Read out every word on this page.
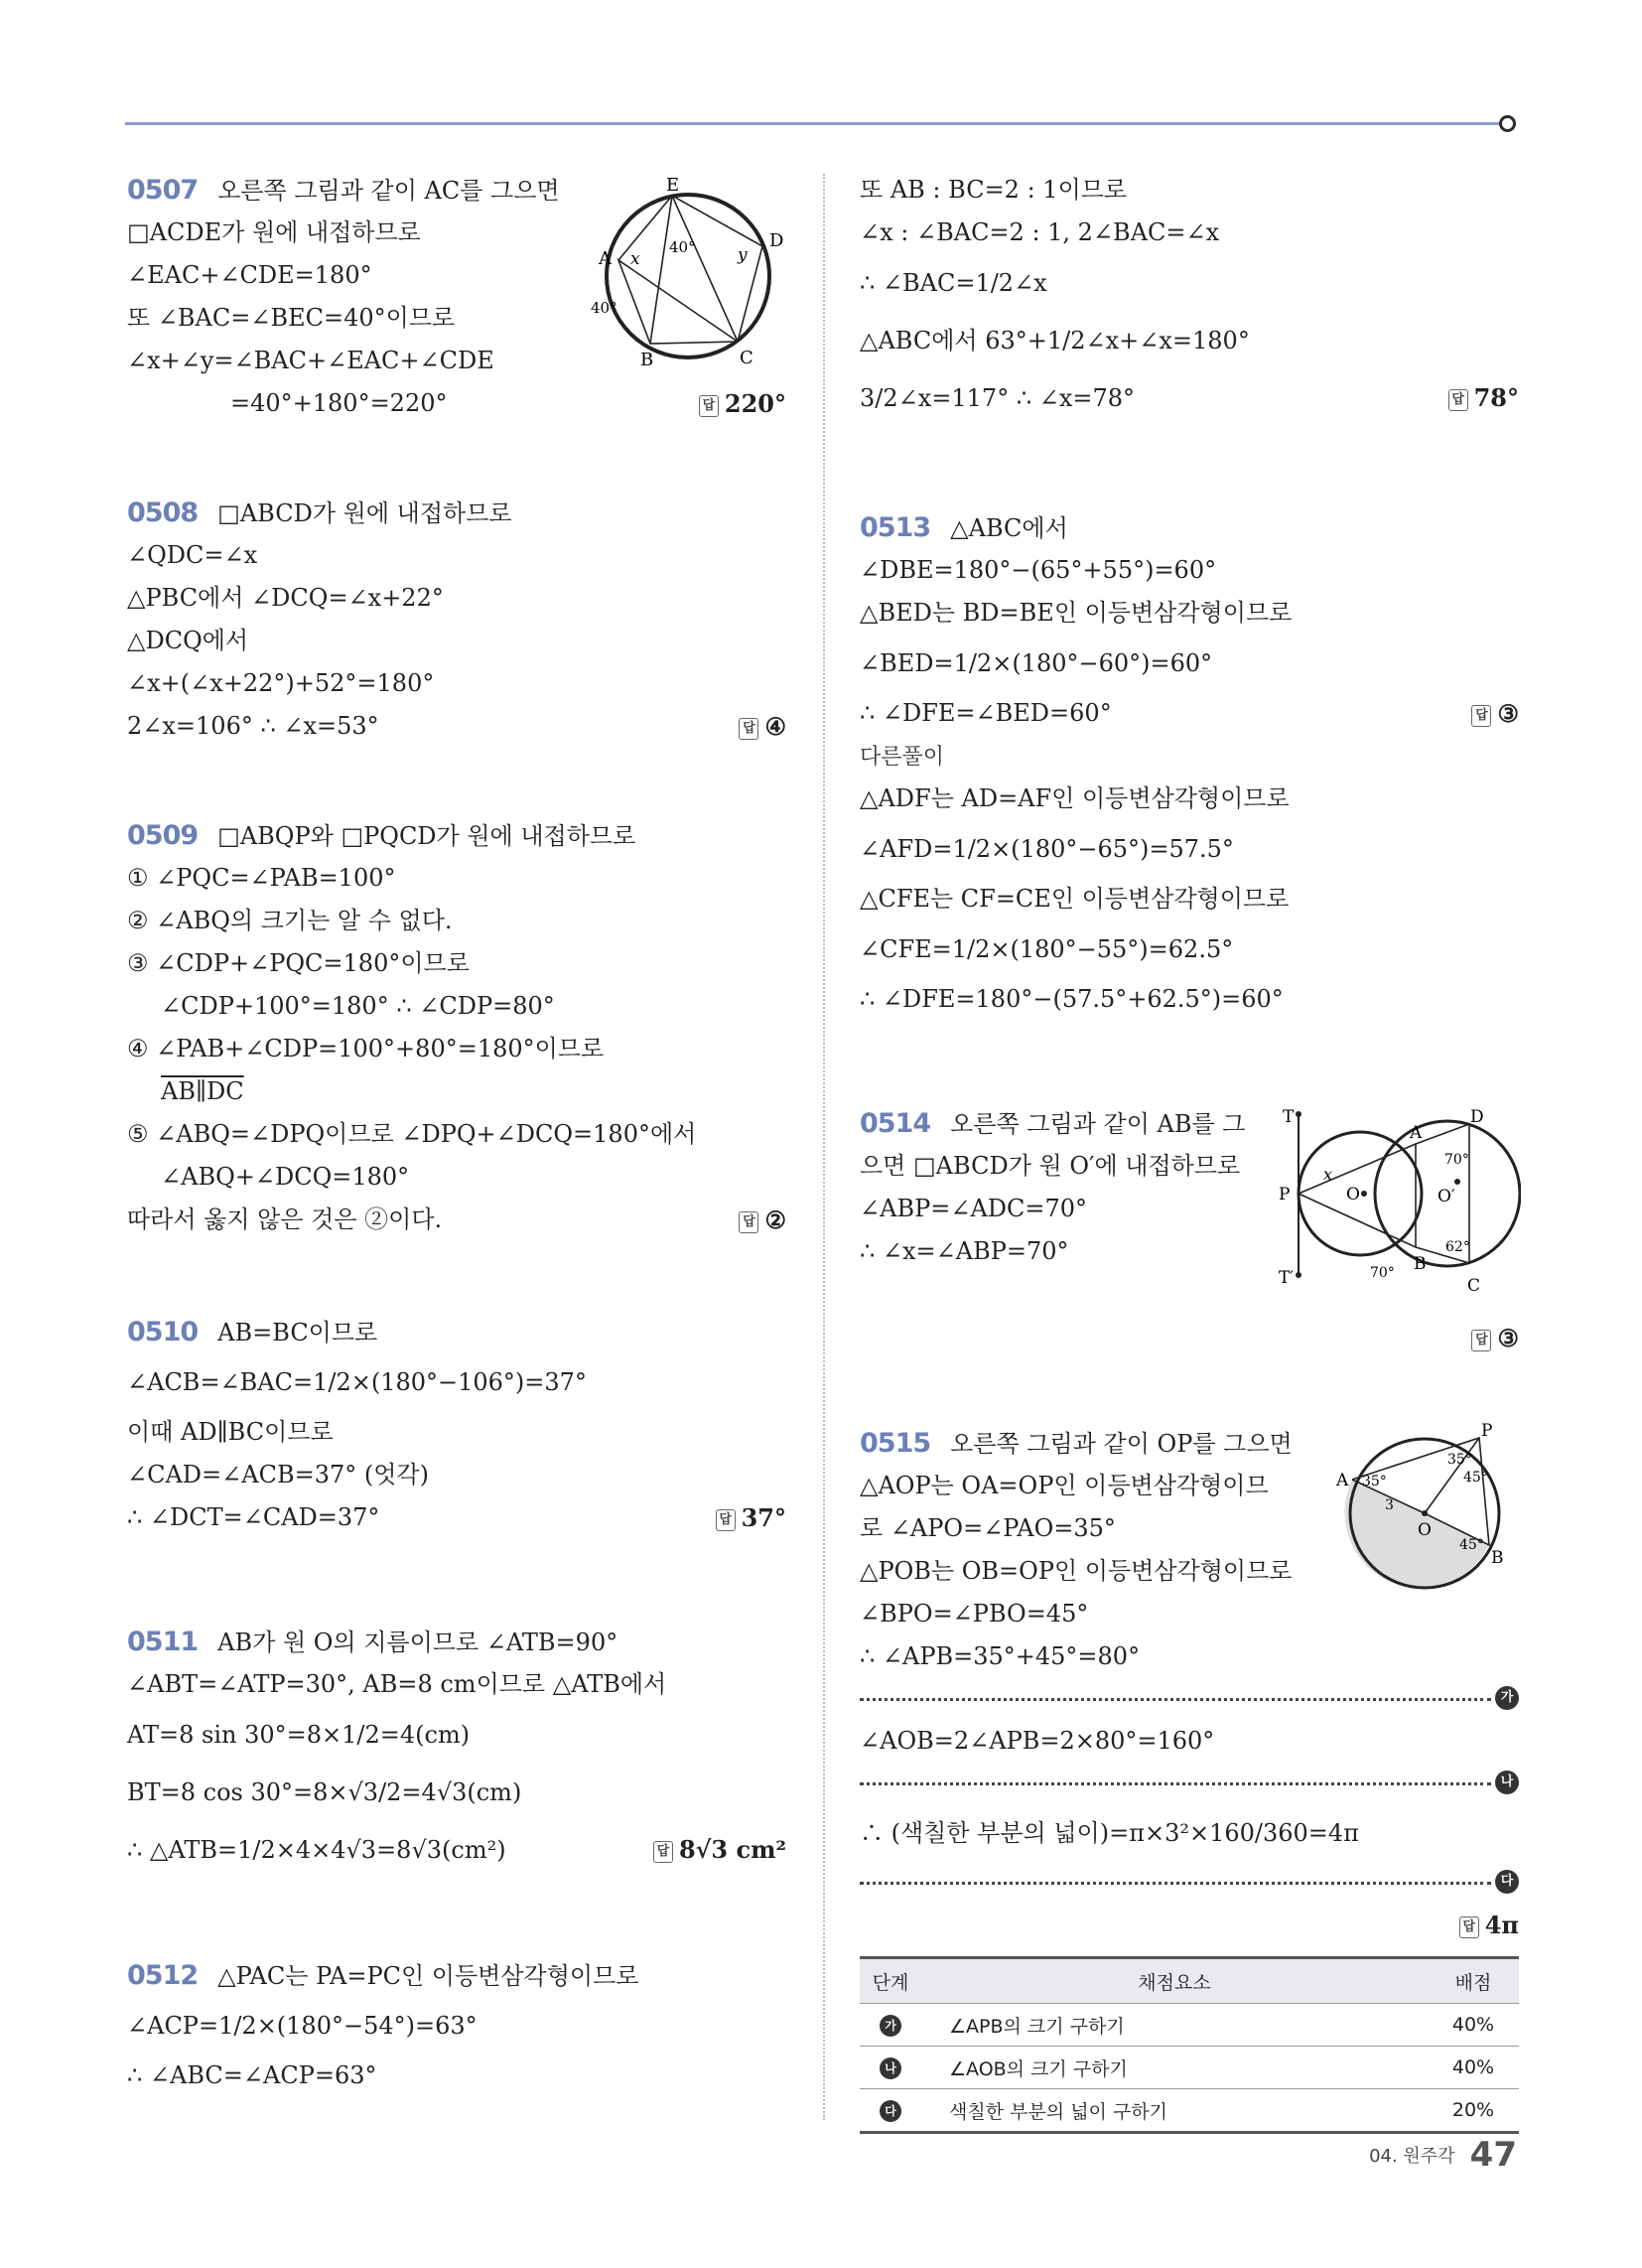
0507 오른쪽 그림과 같이 AC를 그으면
□ACDE가 원에 내접하므로
∠EAC+∠CDE=180°
또 ∠BAC=∠BEC=40°이므로
∠x+∠y=∠BAC+∠EAC+∠CDE
=40°+180°=220°	답 220°
E
D
A
B	C
x	y
40°
40°
0508 □ABCD가 원에 내접하므로
∠QDC=∠x
△PBC에서 ∠DCQ=∠x+22°
△DCQ에서
∠x+(∠x+22°)+52°=180°
2∠x=106° ∴ ∠x=53°	답 ④
0509 □ABQP와 □PQCD가 원에 내접하므로
① ∠PQC=∠PAB=100°
② ∠ABQ의 크기는 알 수 없다.
③ ∠CDP+∠PQC=180°이므로
∠CDP+100°=180° ∴ ∠CDP=80°
④ ∠PAB+∠CDP=100°+80°=180°이므로
AB∥DC
⑤ ∠ABQ=∠DPQ이므로 ∠DPQ+∠DCQ=180°에서
∠ABQ+∠DCQ=180°
따라서 옳지 않은 것은 ②이다.	답 ②
0510 AB=BC이므로
∠ACB=∠BAC=1/2×(180°−106°)=37°
이때 AD∥BC이므로
∠CAD=∠ACB=37° (엇각)
∴ ∠DCT=∠CAD=37°	답 37°
0511 AB가 원 O의 지름이므로 ∠ATB=90°
∠ABT=∠ATP=30°, AB=8 cm이므로 △ATB에서
AT=8 sin 30°=8×1/2=4(cm)
BT=8 cos 30°=8×√3/2=4√3(cm)
∴ △ATB=1/2×4×4√3=8√3(cm²)	답 8√3 cm²
0512 △PAC는 PA=PC인 이등변삼각형이므로
∠ACP=1/2×(180°−54°)=63°
∴ ∠ABC=∠ACP=63°
또 AB : BC=2 : 1이므로
∠x : ∠BAC=2 : 1, 2∠BAC=∠x
∴ ∠BAC=1/2∠x
△ABC에서 63°+1/2∠x+∠x=180°
3/2∠x=117° ∴ ∠x=78°	답 78°
0513 △ABC에서
∠DBE=180°−(65°+55°)=60°
△BED는 BD=BE인 이등변삼각형이므로
∠BED=1/2×(180°−60°)=60°
∴ ∠DFE=∠BED=60°	답 ③
다른풀이
△ADF는 AD=AF인 이등변삼각형이므로
∠AFD=1/2×(180°−65°)=57.5°
△CFE는 CF=CE인 이등변삼각형이므로
∠CFE=1/2×(180°−55°)=62.5°
∴ ∠DFE=180°−(57.5°+62.5°)=60°
0514 오른쪽 그림과 같이 AB를 그
으면 □ABCD가 원 O′에 내접하므로
∠ABP=∠ADC=70°
∴ ∠x=∠ABP=70°
답 ③
T
T′
A
D
P	O	O′
B
C
x
70°
70°
62°
0515 오른쪽 그림과 같이 OP를 그으면
△AOP는 OA=OP인 이등변삼각형이므
로 ∠APO=∠PAO=35°
△POB는 OB=OP인 이등변삼각형이므로
∠BPO=∠PBO=45°
∴ ∠APB=35°+45°=80°
가
∠AOB=2∠APB=2×80°=160°
나
∴ (색칠한 부분의 넓이)=π×3²×160/360=4π
다
답 4π
P
A
O
B
3
35°
35°
45°
45°
단계	채점요소	배점
가	∠APB의 크기 구하기	40%
나	∠AOB의 크기 구하기	40%
다	색칠한 부분의 넓이 구하기	20%
04. 원주각 47
